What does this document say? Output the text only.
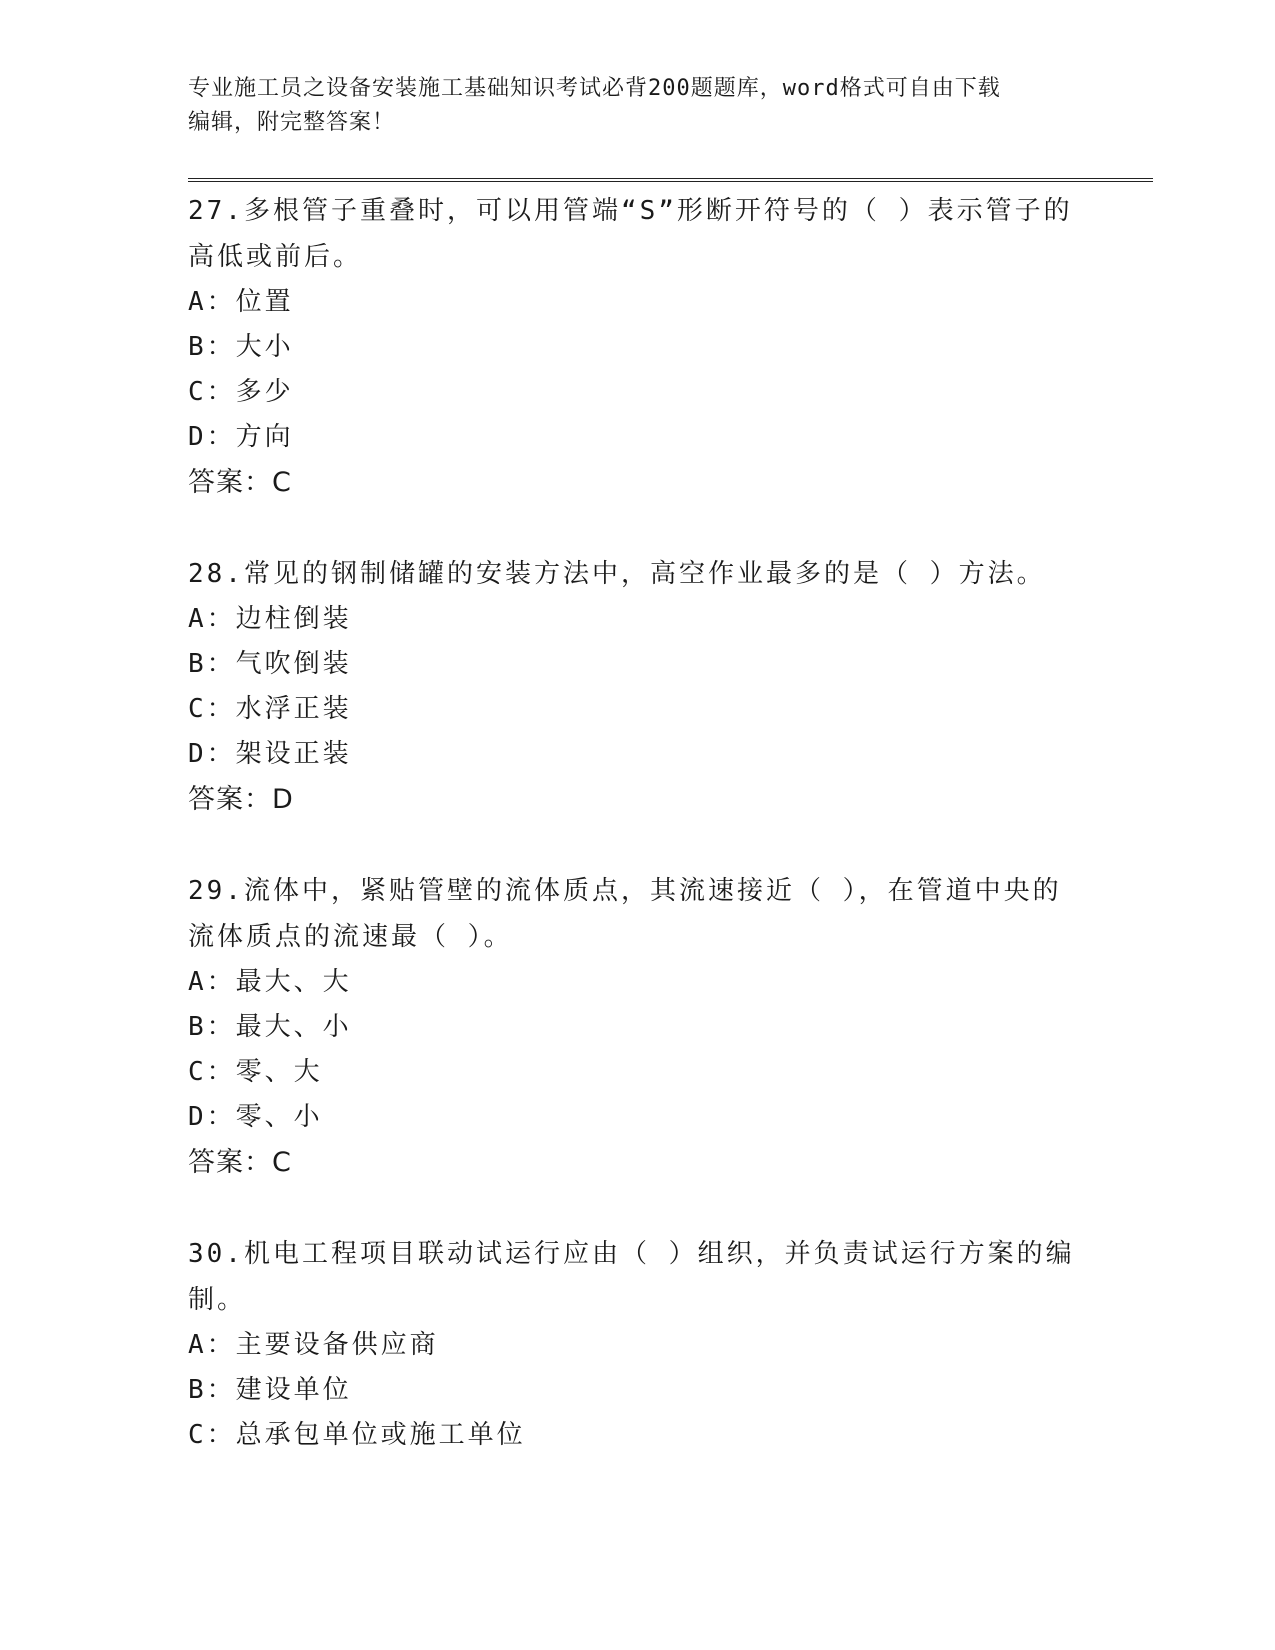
专业施工员之设备安装施工基础知识考试必背200题题库，word格式可自由下载
编辑，附完整答案！
27.多根管子重叠时，可以用管端“S”形断开符号的（ ）表示管子的
高低或前后。
A：位置
B：大小
C：多少
D：方向
答案：C
28.常见的钢制储罐的安装方法中，高空作业最多的是（ ）方法。
A：边柱倒装
B：气吹倒装
C：水浮正装
D：架设正装
答案：D
29.流体中，紧贴管壁的流体质点，其流速接近（ ），在管道中央的
流体质点的流速最（ ）。
A：最大、大
B：最大、小
C：零、大
D：零、小
答案：C
30.机电工程项目联动试运行应由（ ）组织，并负责试运行方案的编
制。
A：主要设备供应商
B：建设单位
C：总承包单位或施工单位
